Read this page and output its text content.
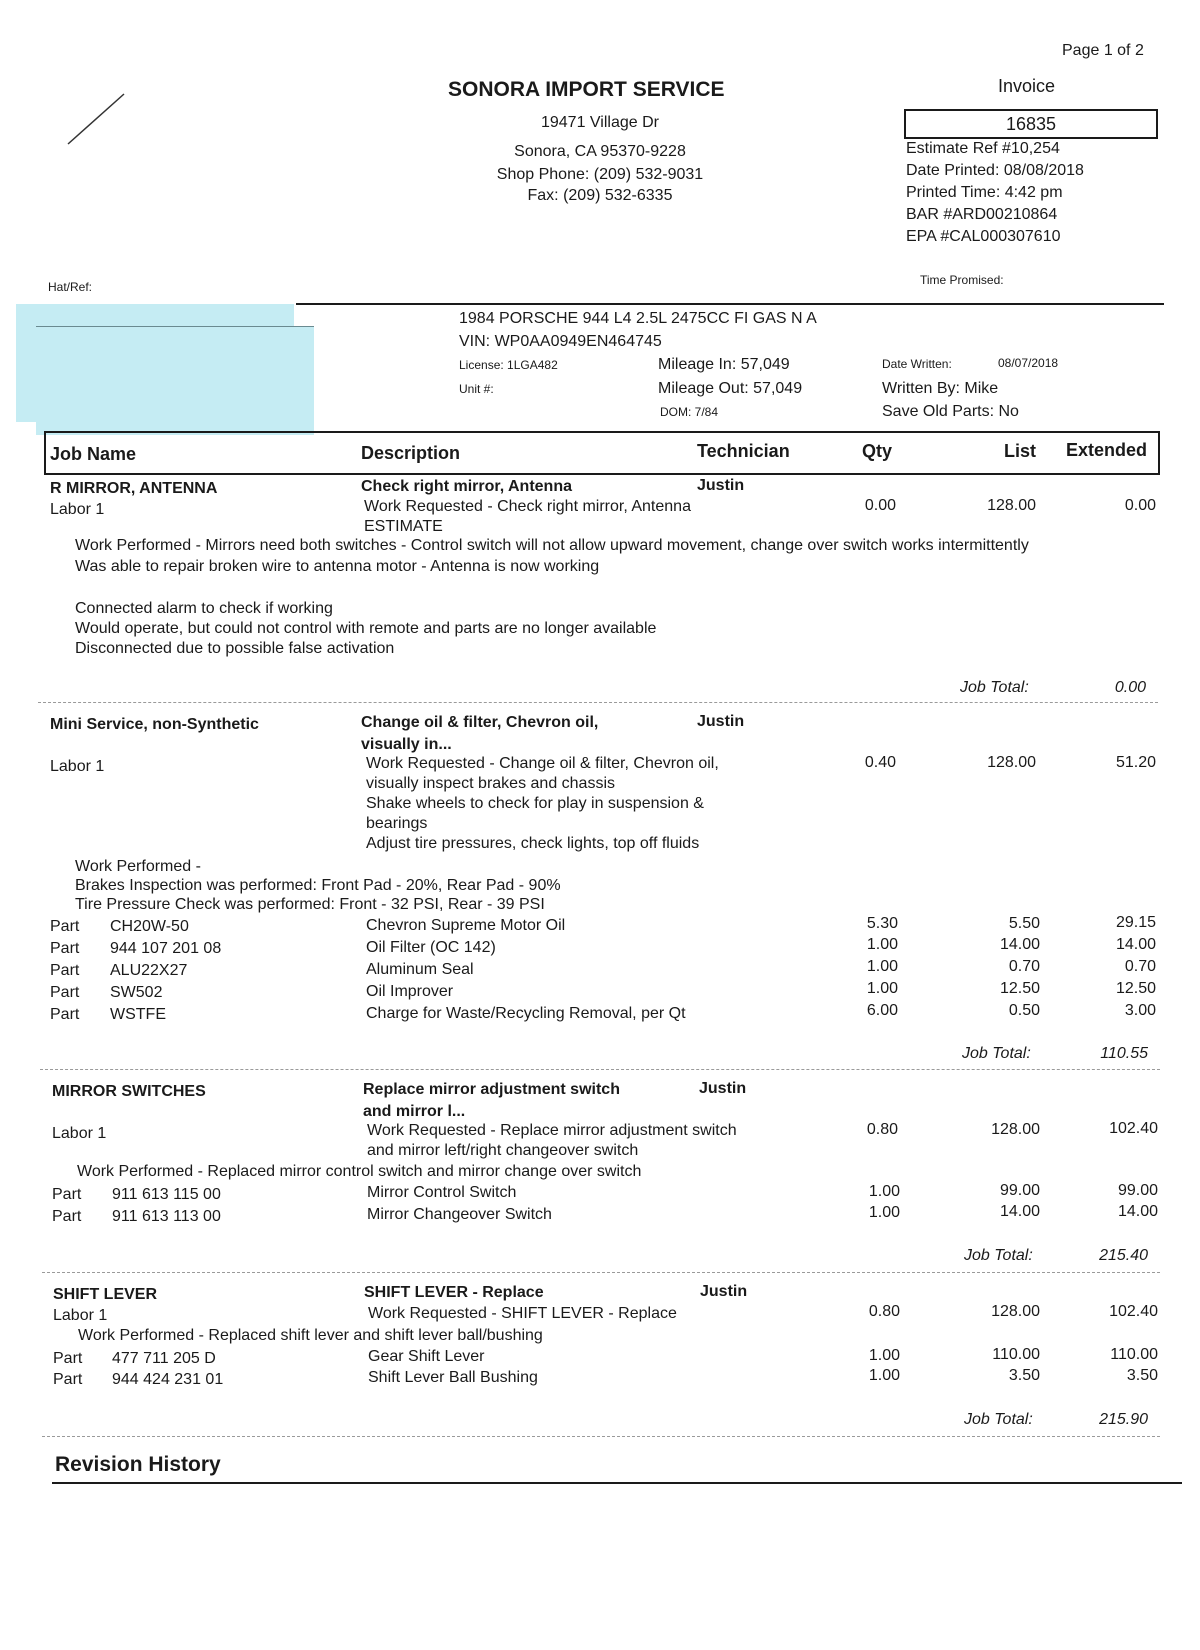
Page 1 of 2
SONORA IMPORT SERVICE
19471 Village Dr
Sonora, CA 95370-9228
Shop Phone: (209) 532-9031
Fax: (209) 532-6335
Invoice
16835
Estimate Ref #10,254
Date Printed: 08/08/2018
Printed Time: 4:42 pm
BAR #ARD00210864
EPA #CAL000307610
Hat/Ref:	Time Promised:
1984 PORSCHE 944 L4 2.5L 2475CC FI GAS N A
VIN: WP0AA0949EN464745
License: 1LGA482
Unit #:
Mileage In: 57,049
Mileage Out: 57,049
DOM: 7/84
Date Written:	08/07/2018
Written By: Mike
Save Old Parts: No
Job Name	Description	Technician	Qty	List Extended
R MIRROR, ANTENNA	Check right mirror, Antenna	Justin
Labor 1	Work Requested - Check right mirror, Antenna
ESTIMATE
0.00	128.00	0.00
Work Performed - Mirrors need both switches - Control switch will not allow upward movement, change over switch works intermittently
Was able to repair broken wire to antenna motor - Antenna is now working
Connected alarm to check if working
Would operate, but could not control with remote and parts are no longer available
Disconnected due to possible false activation
Job Total:	0.00
Mini Service, non-Synthetic	Change oil & filter, Chevron oil,
visually in...
Justin
Labor 1	Work Requested - Change oil & filter, Chevron oil,
visually inspect brakes and chassis
Shake wheels to check for play in suspension &
bearings
Adjust tire pressures, check lights, top off fluids
0.40	128.00	51.20
Work Performed -
Brakes Inspection was performed: Front Pad - 20%, Rear Pad - 90%
Tire Pressure Check was performed: Front - 32 PSI, Rear - 39 PSI
Part CH20W-50	Chevron Supreme Motor Oil	5.30	5.50	29.15
Part 944 107 201 08	Oil Filter (OC 142)	1.00	14.00	14.00
Part ALU22X27	Aluminum Seal	1.00	0.70	0.70
Part SW502	Oil Improver	1.00	12.50	12.50
Part WSTFE	Charge for Waste/Recycling Removal, per Qt	6.00	0.50	3.00
Job Total:	110.55
MIRROR SWITCHES	Replace mirror adjustment switch
and mirror l...
Justin
Labor 1	Work Requested - Replace mirror adjustment switch
and mirror left/right changeover switch
0.80	128.00	102.40
Work Performed - Replaced mirror control switch and mirror change over switch
Part 911 613 115 00	Mirror Control Switch	1.00	99.00	99.00
Part 911 613 113 00	Mirror Changeover Switch	1.00	14.00	14.00
Job Total:	215.40
SHIFT LEVER	SHIFT LEVER - Replace	Justin
Labor 1	Work Requested - SHIFT LEVER - Replace	0.80	128.00	102.40
Work Performed - Replaced shift lever and shift lever ball/bushing
Part 477 711 205 D	Gear Shift Lever	1.00	110.00	110.00
Part 944 424 231 01	Shift Lever Ball Bushing	1.00	3.50	3.50
Job Total:	215.90
Revision History
